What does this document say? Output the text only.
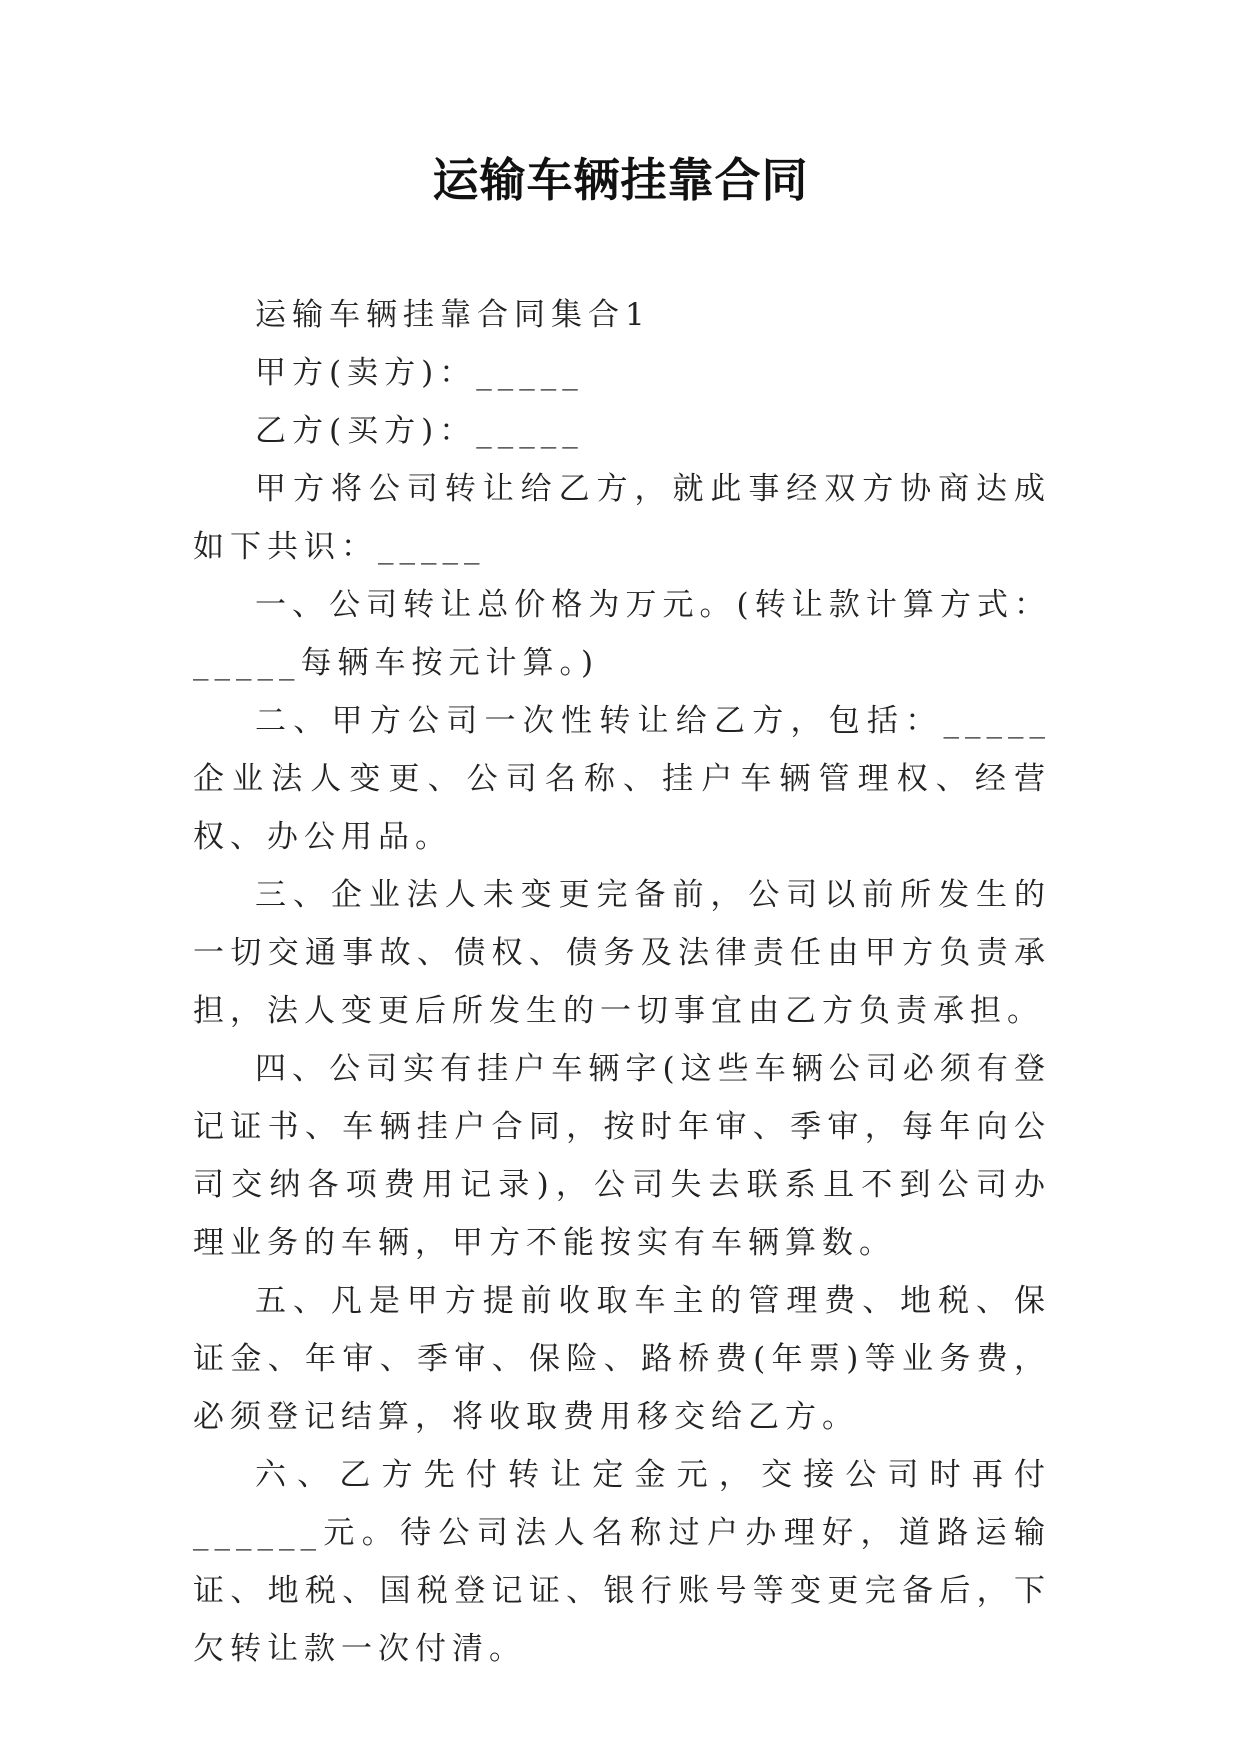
运输车辆挂靠合同

运输车辆挂靠合同集合1

甲方(卖方)：_____

乙方(买方)：_____

甲方将公司转让给乙方，就此事经双方协商达成如下共识：_____

一、公司转让总价格为万元。(转让款计算方式：_____每辆车按元计算。)

二、甲方公司一次性转让给乙方，包括：_____企业法人变更、公司名称、挂户车辆管理权、经营权、办公用品。

三、企业法人未变更完备前，公司以前所发生的一切交通事故、债权、债务及法律责任由甲方负责承担，法人变更后所发生的一切事宜由乙方负责承担。

四、公司实有挂户车辆字(这些车辆公司必须有登记证书、车辆挂户合同，按时年审、季审，每年向公司交纳各项费用记录)，公司失去联系且不到公司办理业务的车辆，甲方不能按实有车辆算数。

五、凡是甲方提前收取车主的管理费、地税、保证金、年审、季审、保险、路桥费(年票)等业务费，必须登记结算，将收取费用移交给乙方。

六、乙方先付转让定金元，交接公司时再付______元。待公司法人名称过户办理好，道路运输证、地税、国税登记证、银行账号等变更完备后，下欠转让款一次付清。
